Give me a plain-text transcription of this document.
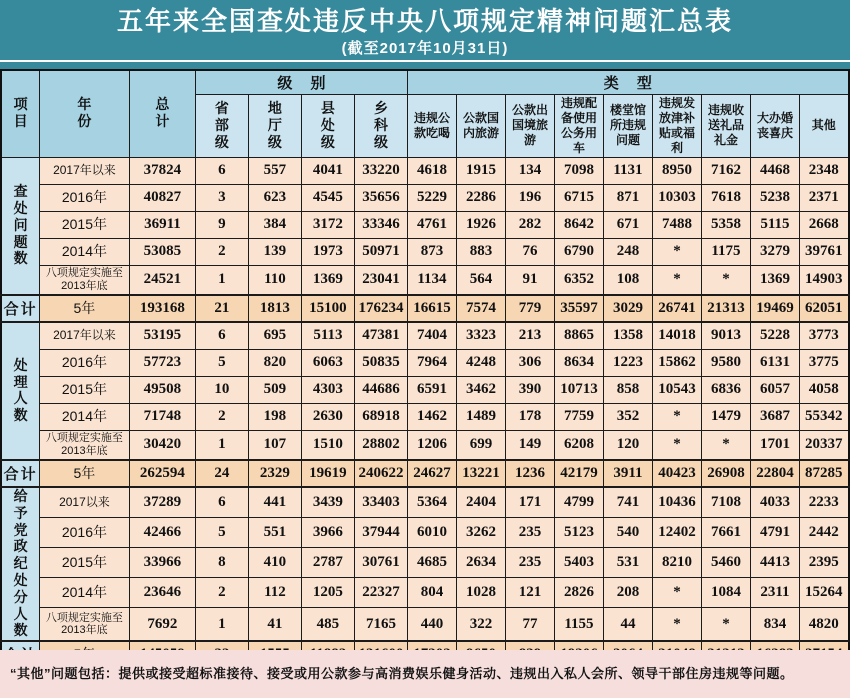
五年来全国查处违反中央八项规定精神问题汇总表
(截至2017年10月31日)
项目	年份	总计	级 别				类 型								
			省部级	地厅级	县处级	乡科级	违规公款吃喝	公款国内旅游	公款出国境旅游	违规配备使用公务用车	楼堂馆所违规问题	违规发放津补贴或福利	违规收送礼品礼金	大办婚丧喜庆	其他
查处问题数	2017年以来	37824	6	557	4041	33220	4618	1915	134	7098	1131	8950	7162	4468	2348
	2016年	40827	3	623	4545	35656	5229	2286	196	6715	871	10303	7618	5238	2371
	2015年	36911	9	384	3172	33346	4761	1926	282	8642	671	7488	5358	5115	2668
	2014年	53085	2	139	1973	50971	873	883	76	6790	248	*	1175	3279	39761
	八项规定实施至2013年底	24521	1	110	1369	23041	1134	564	91	6352	108	*	*	1369	14903
合计	5年	193168	21	1813	15100	176234	16615	7574	779	35597	3029	26741	21313	19469	62051
处理人数	2017年以来	53195	6	695	5113	47381	7404	3323	213	8865	1358	14018	9013	5228	3773
	2016年	57723	5	820	6063	50835	7964	4248	306	8634	1223	15862	9580	6131	3775
	2015年	49508	10	509	4303	44686	6591	3462	390	10713	858	10543	6836	6057	4058
	2014年	71748	2	198	2630	68918	1462	1489	178	7759	352	*	1479	3687	55342
	八项规定实施至2013年底	30420	1	107	1510	28802	1206	699	149	6208	120	*	*	1701	20337
合计	5年	262594	24	2329	19619	240622	24627	13221	1236	42179	3911	40423	26908	22804	87285
给予党政纪处分人数	2017以来	37289	6	441	3439	33403	5364	2404	171	4799	741	10436	7108	4033	2233
	2016年	42466	5	551	3966	37944	6010	3262	235	5123	540	12402	7661	4791	2442
	2015年	33966	8	410	2787	30761	4685	2634	235	5403	531	8210	5460	4413	2395
	2014年	23646	2	112	1205	22327	804	1028	121	2826	208	*	1084	2311	15264
	八项规定实施至2013年底	7692	1	41	485	7165	440	322	77	1155	44	*	*	834	4820

“其他”问题包括：提供或接受超标准接待、接受或用公款参与高消费娱乐健身活动、违规出入私人会所、领导干部住房违规等问题。
